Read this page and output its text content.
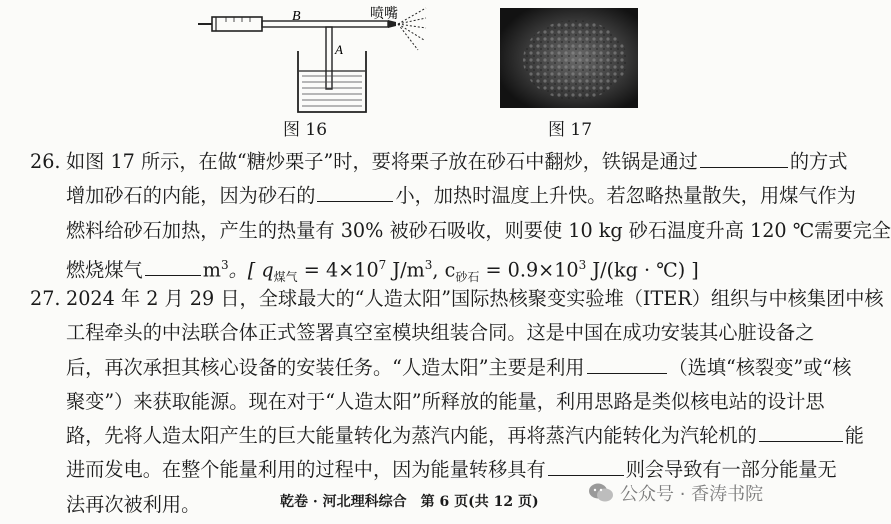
B
A
喷嘴
图 16	图 17
26. 如图 17 所示，在做“糖炒栗子”时，要将栗子放在砂石中翻炒，铁锅是通过	的方式
增加砂石的内能，因为砂石的	小，加热时温度上升快。若忽略热量散失，用煤气作为
燃料给砂石加热，产生的热量有 30% 被砂石吸收，则要使 10 kg 砂石温度升高 120 ℃需要完全
燃烧煤气	$m^3$。[ $q_{煤气} = 4\times 10^7$ $J/m^3$, $c_{砂石} = 0.9\times 10^3$ J/(kg · ℃) ]
27. 2024 年 2 月 29 日，全球最大的“人造太阳”国际热核聚变实验堆（ITER）组织与中核集团中核
工程牵头的中法联合体正式签署真空室模块组装合同。这是中国在成功安装其心脏设备之
后，再次承担其核心设备的安装任务。“人造太阳”主要是利用	（选填“核裂变”或“核
聚变”）来获取能源。现在对于“人造太阳”所释放的能量，利用思路是类似核电站的设计思
路，先将人造太阳产生的巨大能量转化为蒸汽内能，再将蒸汽内能转化为汽轮机的	能
进而发电。在整个能量利用的过程中，因为能量转移具有	则会导致有一部分能量无
法再次被利用。	乾卷 · 河北理科综合　第 6 页(共 12 页)	公众号 · 香涛书院
